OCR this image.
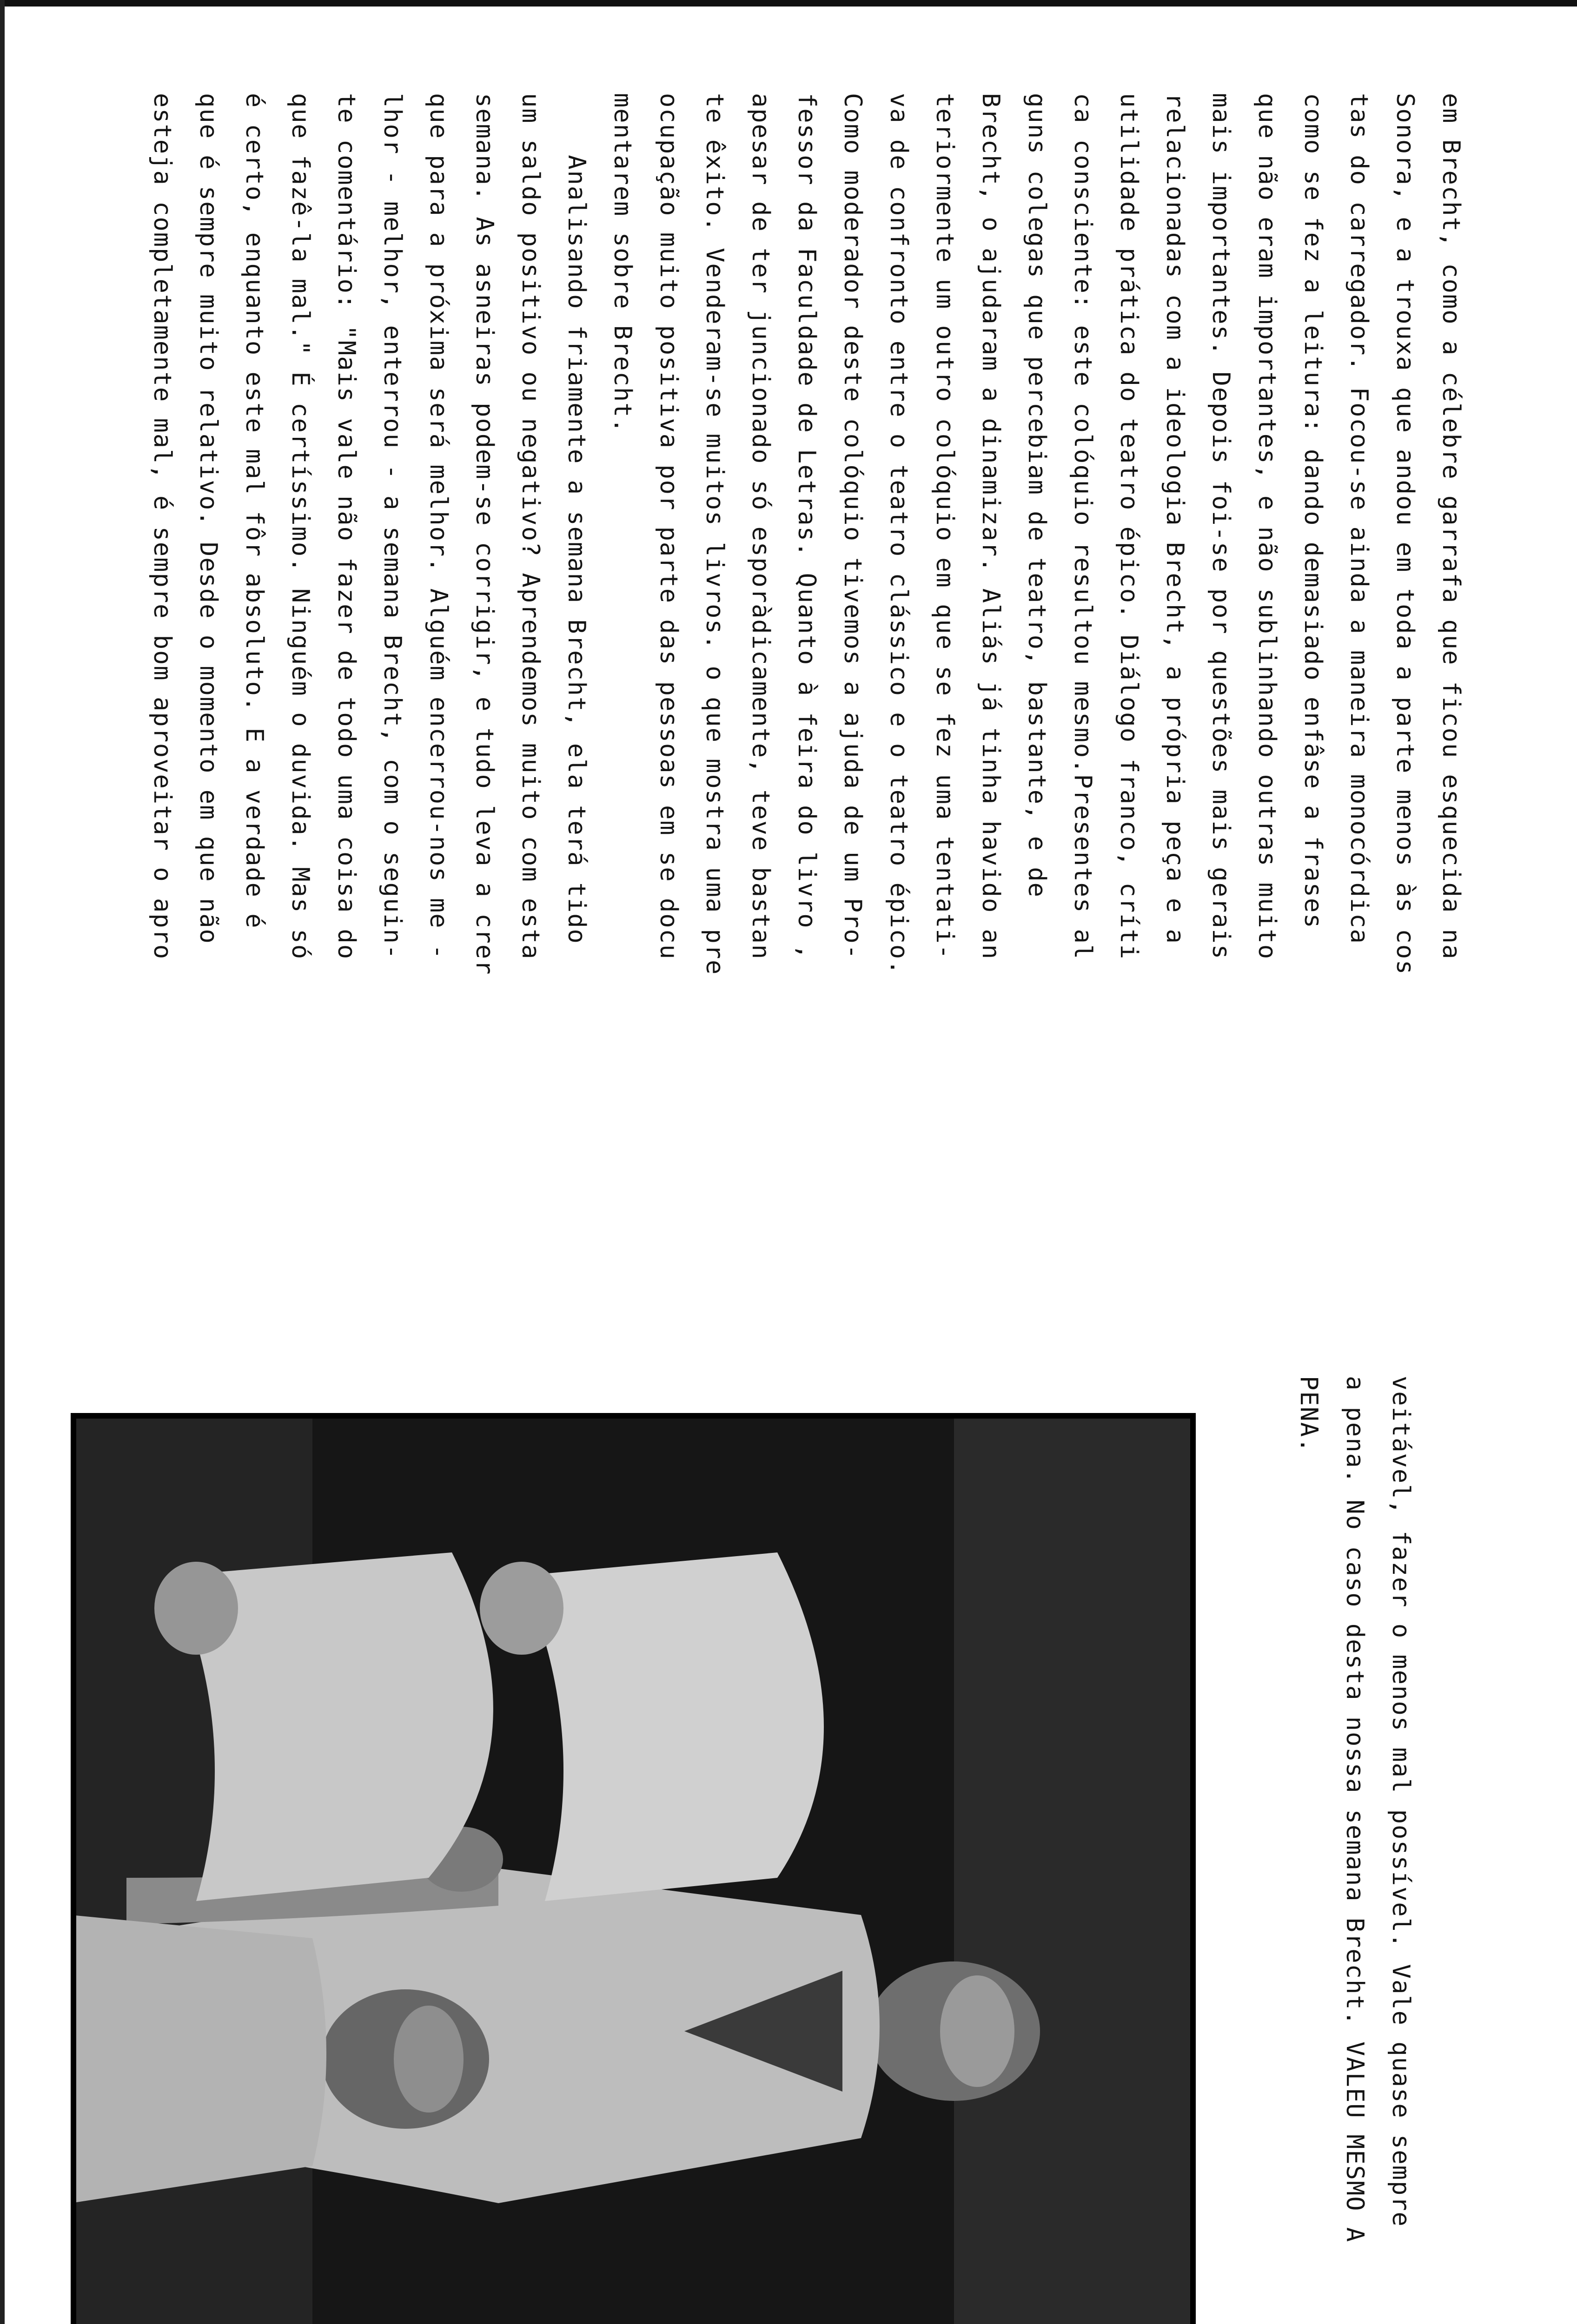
em Brecht, como a célebre garrafa que ficou esquecida na

Sonora, e a trouxa que andou em toda a parte menos às cos

tas do carregador. Focou-se ainda a maneira monocórdica

como se fez a leitura: dando demasiado enfâse a frases

que não eram importantes, e não sublinhando outras muito

mais importantes. Depois foi-se por questões mais gerais

relacionadas com a ideologia Brecht, a própria peça e a

utilidade prática do teatro épico. Diálogo franco, críti

ca consciente: este colóquio resultou mesmo.Presentes al

guns colegas que percebiam de teatro, bastante, e de

Brecht, o ajudaram a dinamizar. Aliás já tinha havido an

teriormente um outro colóquio em que se fez uma tentati-

va de confronto entre o teatro clássico e o teatro épico.

Como moderador deste colóquio tivemos a ajuda de um Pro-

fessor da Faculdade de Letras. Quanto à feira do livro ,

apesar de ter juncionado só esporàdicamente, teve bastan

te êxito. Venderam-se muitos livros. o que mostra uma pre

ocupação muito positiva por parte das pessoas em se docu

mentarem sobre Brecht.

Analisando friamente a semana Brecht, ela terá tido

um saldo positivo ou negativo? Aprendemos muito com esta

semana. As asneiras podem-se corrigir, e tudo leva a crer

que para a próxima será melhor. Alguém encerrou-nos me -

lhor - melhor, enterrou - a semana Brecht, com o seguin-

te comentário: "Mais vale não fazer de todo uma coisa do

que fazê-la mal." É certíssimo. Ninguém o duvida. Mas só

é certo, enquanto este mal fôr absoluto. E a verdade é

que é sempre muito relativo. Desde o momento em que não

esteja completamente mal, é sempre bom aproveitar o apro

veitável, fazer o menos mal possível. Vale quase sempre

a pena. No caso desta nossa semana Brecht. VALEU MESMO A

PENA.
